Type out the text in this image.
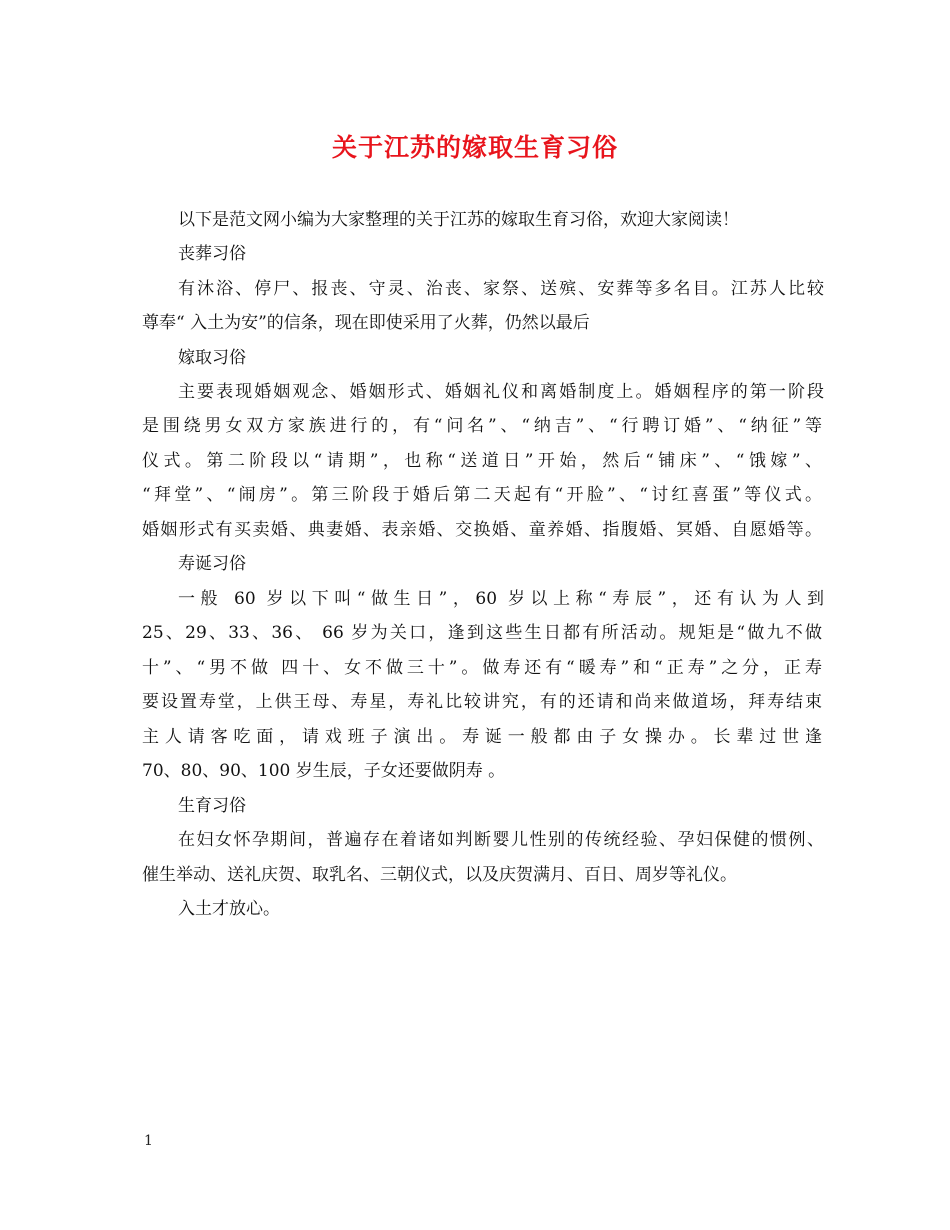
关于江苏的嫁取生育习俗
以下是范文网小编为大家整理的关于江苏的嫁取生育习俗，欢迎大家阅读！
丧葬习俗
有沐浴、停尸、报丧、守灵、治丧、家祭、送殡、安葬等多名目。江苏人比较
尊奉“ 入土为安”的信条，现在即使采用了火葬，仍然以最后
嫁取习俗
主要表现婚姻观念、婚姻形式、婚姻礼仪和离婚制度上。婚姻程序的第一阶段
是围绕男女双方家族进行的，有“问名”、“纳吉”、“行聘订婚”、“纳征”等
仪式。第二阶段以“请期”，也称“送道日”开始，然后“铺床”、“饿嫁”、
“拜堂”、“闹房”。第三阶段于婚后第二天起有“开脸”、“讨红喜蛋”等仪式。
婚姻形式有买卖婚、典妻婚、表亲婚、交换婚、童养婚、指腹婚、冥婚、自愿婚等。
寿诞习俗
一般 60 岁以下叫“做生日”，60 岁以上称“寿辰”，还有认为人到
25、29、33、36、 66 岁为关口，逢到这些生日都有所活动。规矩是“做九不做
十”、“男不做 四十、女不做三十”。做寿还有“暖寿”和“正寿”之分，正寿
要设置寿堂，上供王母、寿星，寿礼比较讲究，有的还请和尚来做道场，拜寿结束
主人请客吃面，请戏班子演出。寿诞一般都由子女操办。长辈过世逢
70、80、90、100 岁生辰，子女还要做阴寿 。
生育习俗
在妇女怀孕期间，普遍存在着诸如判断婴儿性别的传统经验、孕妇保健的惯例、
催生举动、送礼庆贺、取乳名、三朝仪式，以及庆贺满月、百日、周岁等礼仪。
入土才放心。
1
